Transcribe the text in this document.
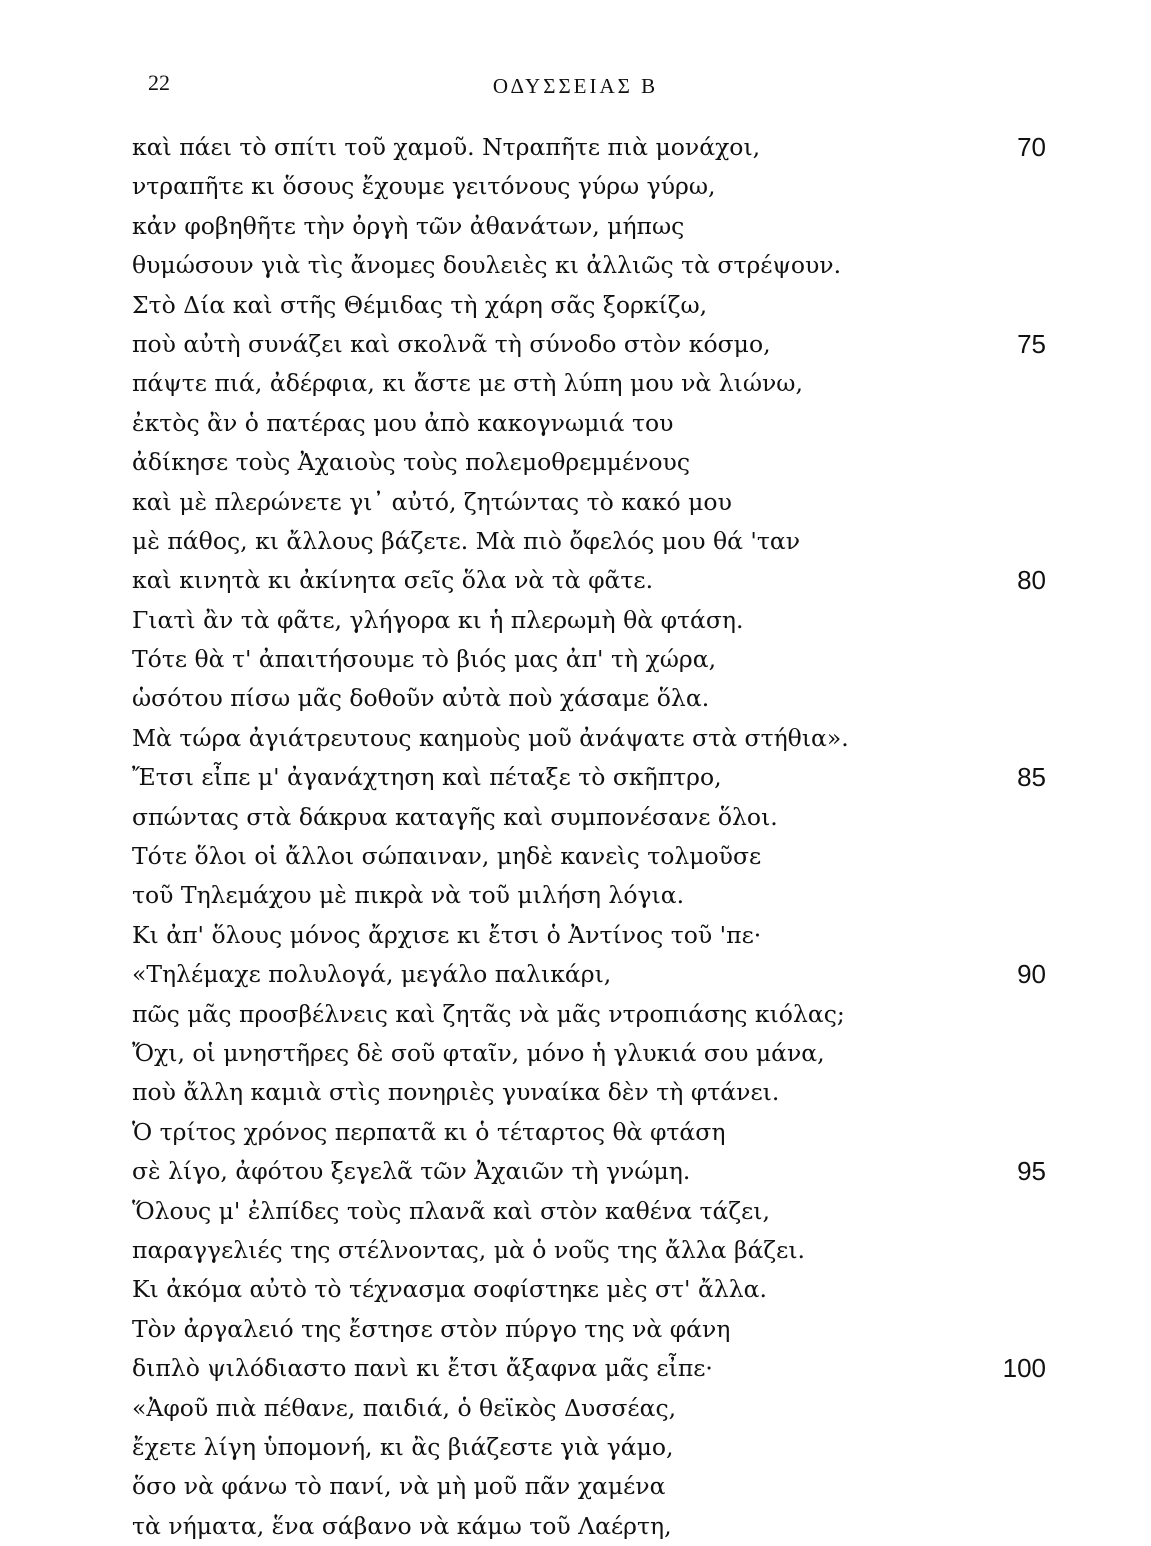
22	ΟΔΥΣΣΕΙΑΣ Β
καὶ πάει τὸ σπίτι τοῦ χαμοῦ. Ντραπῆτε πιὰ μονάχοι,	70
ντραπῆτε κι ὅσους ἔχουμε γειτόνους γύρω γύρω,
κἀν φοβηθῆτε τὴν ὀργὴ τῶν ἀθανάτων, μήπως
θυμώσουν γιὰ τὶς ἄνομες δουλειὲς κι ἀλλιῶς τὰ στρέψουν.
Στὸ Δία καὶ στῆς Θέμιδας τὴ χάρη σᾶς ξορκίζω,
ποὺ αὐτὴ συνάζει καὶ σκολνᾶ τὴ σύνοδο στὸν κόσμο,	75
πάψτε πιά, ἀδέρφια, κι ἄστε με στὴ λύπη μου νὰ λιώνω,
ἐκτὸς ἂν ὁ πατέρας μου ἀπὸ κακογνωμιά του
ἀδίκησε τοὺς Ἀχαιοὺς τοὺς πολεμοθρεμμένους
καὶ μὲ πλερώνετε γι᾿ αὐτό, ζητώντας τὸ κακό μου
μὲ πάθος, κι ἄλλους βάζετε. Μὰ πιὸ ὄφελός μου θά 'ταν
καὶ κινητὰ κι ἀκίνητα σεῖς ὅλα νὰ τὰ φᾶτε.	80
Γιατὶ ἂν τὰ φᾶτε, γλήγορα κι ἡ πλερωμὴ θὰ φτάση.
Τότε θὰ τ' ἀπαιτήσουμε τὸ βιός μας ἀπ' τὴ χώρα,
ὡσότου πίσω μᾶς δοθοῦν αὐτὰ ποὺ χάσαμε ὅλα.
Μὰ τώρα ἀγιάτρευτους καημοὺς μοῦ ἀνάψατε στὰ στήθια».
Ἔτσι εἶπε μ' ἀγανάχτηση καὶ πέταξε τὸ σκῆπτρο,	85
σπώντας στὰ δάκρυα καταγῆς καὶ συμπονέσανε ὅλοι.
Τότε ὅλοι οἱ ἄλλοι σώπαιναν, μηδὲ κανεὶς τολμοῦσε
τοῦ Τηλεμάχου μὲ πικρὰ νὰ τοῦ μιλήση λόγια.
Κι ἀπ' ὅλους μόνος ἄρχισε κι ἔτσι ὁ Ἀντίνος τοῦ 'πε·
«Τηλέμαχε πολυλογά, μεγάλο παλικάρι,	90
πῶς μᾶς προσβέλνεις καὶ ζητᾶς νὰ μᾶς ντροπιάσης κιόλας;
Ὄχι, οἱ μνηστῆρες δὲ σοῦ φταῖν, μόνο ἡ γλυκιά σου μάνα,
ποὺ ἄλλη καμιὰ στὶς πονηριὲς γυναίκα δὲν τὴ φτάνει.
Ὁ τρίτος χρόνος περπατᾶ κι ὁ τέταρτος θὰ φτάση
σὲ λίγο, ἀφότου ξεγελᾶ τῶν Ἀχαιῶν τὴ γνώμη.	95
Ὅλους μ' ἐλπίδες τοὺς πλανᾶ καὶ στὸν καθένα τάζει,
παραγγελιές της στέλνοντας, μὰ ὁ νοῦς της ἄλλα βάζει.
Κι ἀκόμα αὐτὸ τὸ τέχνασμα σοφίστηκε μὲς στ' ἄλλα.
Τὸν ἀργαλειό της ἔστησε στὸν πύργο της νὰ φάνη
διπλὸ ψιλόδιαστο πανὶ κι ἔτσι ἄξαφνα μᾶς εἶπε·	100
«Ἀφοῦ πιὰ πέθανε, παιδιά, ὁ θεϊκὸς Δυσσέας,
ἔχετε λίγη ὑπομονή, κι ἂς βιάζεστε γιὰ γάμο,
ὅσο νὰ φάνω τὸ πανί, νὰ μὴ μοῦ πᾶν χαμένα
τὰ νήματα, ἕνα σάβανο νὰ κάμω τοῦ Λαέρτη,
